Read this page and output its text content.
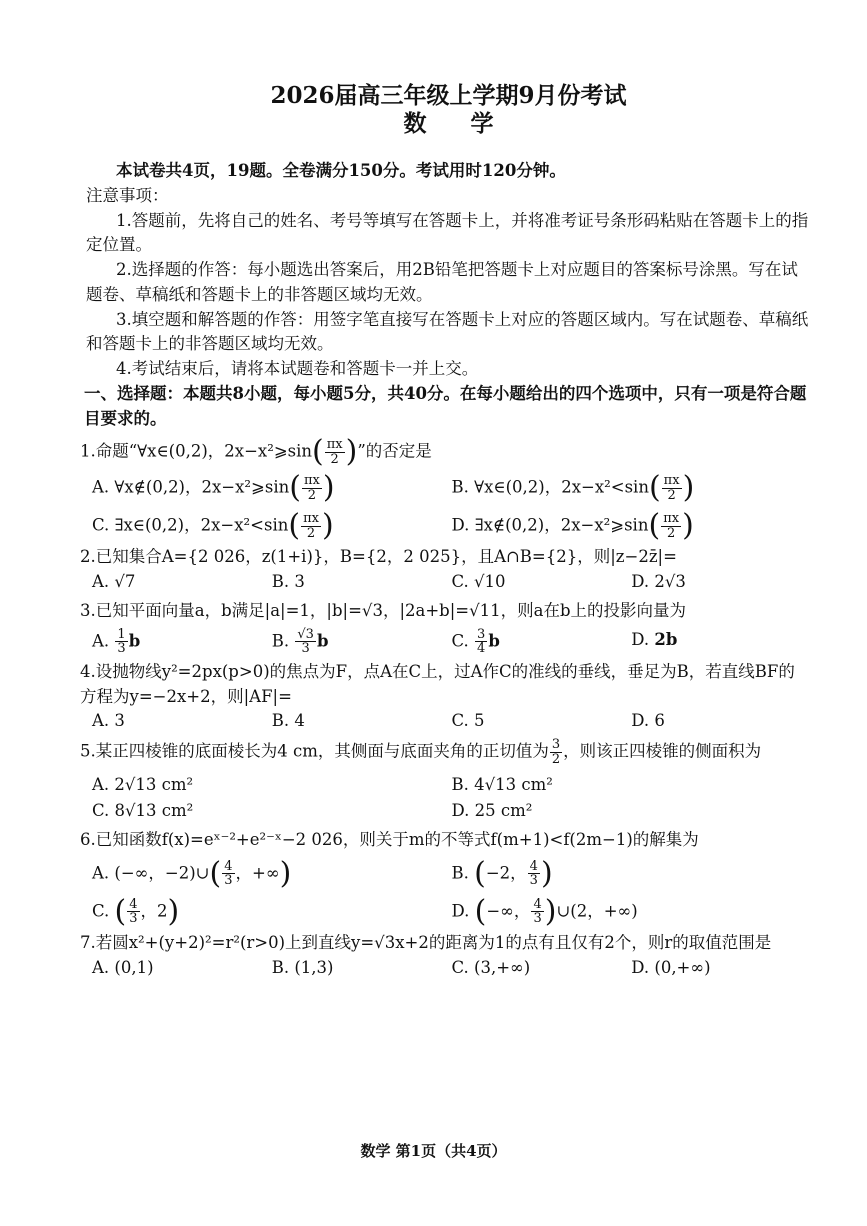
2026届高三年级上学期9月份考试

数学

本试卷共4页，19题。全卷满分150分。考试用时120分钟。

注意事项：

1.答题前，先将自己的姓名、考号等填写在答题卡上，并将准考证号条形码粘贴在答题卡上的指定位置。

2.选择题的作答：每小题选出答案后，用2B铅笔把答题卡上对应题目的答案标号涂黑。写在试题卷、草稿纸和答题卡上的非答题区域均无效。

3.填空题和解答题的作答：用签字笔直接写在答题卡上对应的答题区域内。写在试题卷、草稿纸和答题卡上的非答题区域均无效。

4.考试结束后，请将本试题卷和答题卡一并上交。

一、选择题：本题共8小题，每小题5分，共40分。在每小题给出的四个选项中，只有一项是符合题目要求的。

1.命题“∀x∈(0,2)，2x−x²⩾sin( $\frac{\pi x}{2}$ )”的否定是
A. ∀x∉(0,2)，2x−x²⩾sin( $\frac{\pi x}{2}$ )	B. ∀x∈(0,2)，$2x-x^2<\sin( \frac{\pi x}{2}$ )
C. ∃x∈(0,2)，$2x-x^2<\sin( \frac{\pi x}{2}$ )	D. ∃x∉(0,2)，2x−x²⩾sin( $\frac{\pi x}{2}$ )
2.已知集合A={2 026，z(1+i)}，B={2，2 025}，且A∩B={2}，则|z−2z̄|=
A. √7	B. 3	C. √10	D. 2√3
3.已知平面向量a，b满足|a|=1，|b|=√3，|2a+b|=√11，则a在b上的投影向量为
A. $\frac{1}{3}$ b	B. $\frac{√3}{3}$ b	C. $\frac{3}{4}$ b	D. 2b
4.设抛物线y²=2px(p>0)的焦点为F，点A在C上，过A作C的准线的垂线，垂足为B，若直线BF的方程为y=−2x+2，则|AF|=
A. 3	B. 4	C. 5	D. 6
5.某正四棱锥的底面棱长为4 cm，其侧面与底面夹角的正切值为 $\frac{3}{2}$ ，则该正四棱锥的侧面积为
A. 2√13 cm²	B. 4√13 cm²
C. 8√13 cm²	D. 25 cm²
6.已知函数f(x)=eˣ⁻²+e²⁻ˣ−2 026，则关于m的不等式f(m+1)<f(2m−1)的解集为
A. (−∞，−2)∪( $\frac{4}{3}$ ，+∞)	B. (−2， $\frac{4}{3}$ )
C. ( $\frac{4}{3}$ ，2)	D. (−∞， $\frac{4}{3}$ )∪(2，+∞)
7.若圆x²+(y+2)²=r²(r>0)上到直线y=√3x+2的距离为1的点有且仅有2个，则r的取值范围是
A. (0,1)	B. (1,3)	C. (3,+∞)	D. (0,+∞)
数学 第1页（共4页）
